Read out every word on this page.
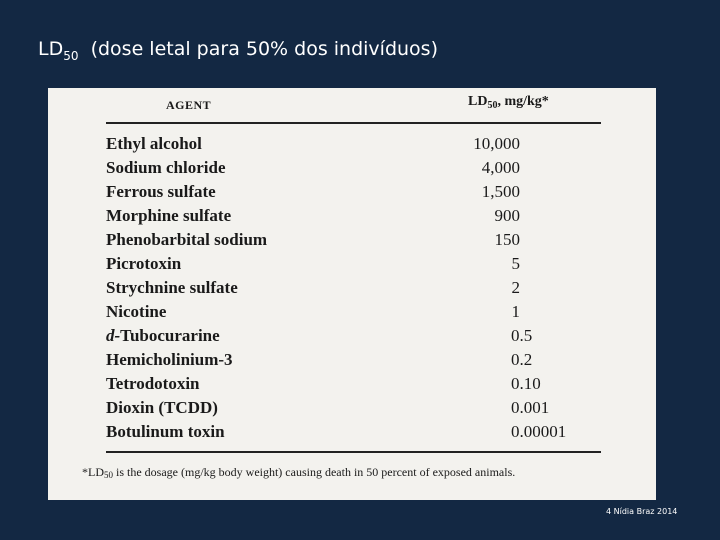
$LD_{50}$  (dose letal para 50% dos indivíduos)
AGENT	$LD_{50}$, mg/kg*
Ethyl alcohol	10,000
Sodium chloride	4,000
Ferrous sulfate	1,500
Morphine sulfate	900
Phenobarbital sodium	150
Picrotoxin	5
Strychnine sulfate	2
Nicotine	1
d-Tubocurarine	0.5
Hemicholinium-3	0.2
Tetrodotoxin	0.10
Dioxin (TCDD)	0.001
Botulinum toxin	0.00001
*LD50 is the dosage (mg/kg body weight) causing death in 50 percent of exposed animals.
4 Nídia Braz 2014
